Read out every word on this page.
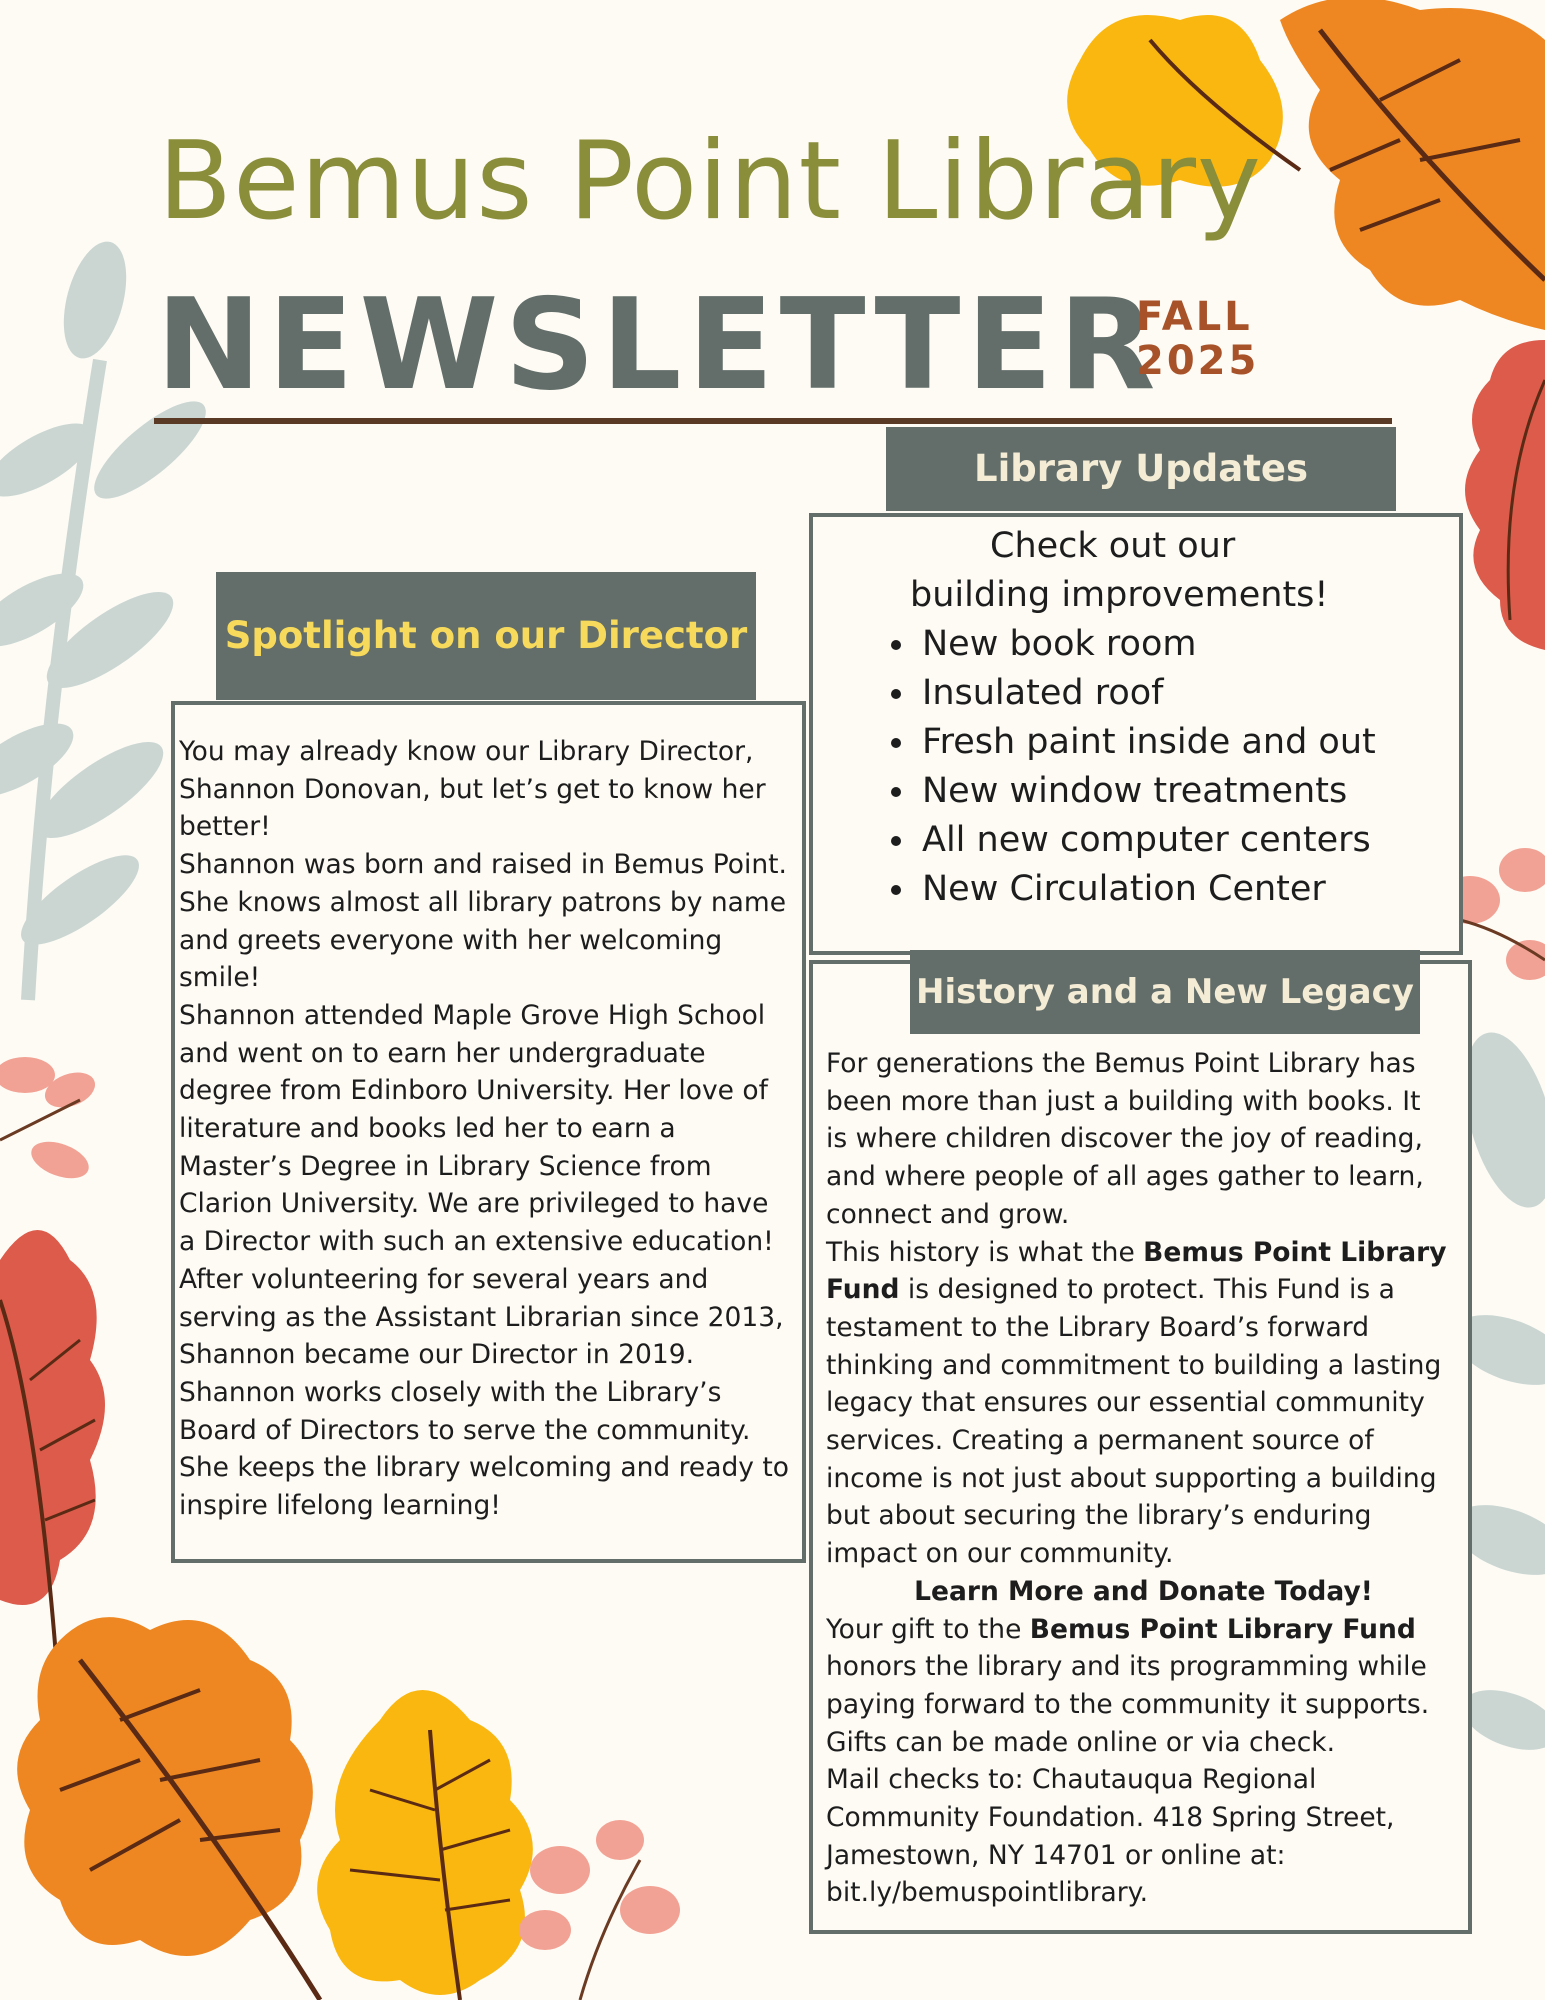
Bemus Point Library
NEWSLETTER
FALL
2025
Library Updates
Check out our
building improvements!
• New book room
• Insulated roof
• Fresh paint inside and out
• New window treatments
• All new computer centers
• New Circulation Center
Spotlight on our Director

You may already know our Library Director,

Shannon Donovan, but let’s get to know her

better!

Shannon was born and raised in Bemus Point.

She knows almost all library patrons by name

and greets everyone with her welcoming

smile!

Shannon attended Maple Grove High School

and went on to earn her undergraduate

degree from Edinboro University. Her love of

literature and books led her to earn a

Master’s Degree in Library Science from

Clarion University. We are privileged to have

a Director with such an extensive education!

After volunteering for several years and

serving as the Assistant Librarian since 2013,

Shannon became our Director in 2019.

Shannon works closely with the Library’s

Board of Directors to serve the community.

She keeps the library welcoming and ready to

inspire lifelong learning!

History and a New Legacy

For generations the Bemus Point Library has

been more than just a building with books. It

is where children discover the joy of reading,

and where people of all ages gather to learn,

connect and grow.

This history is what the Bemus Point Library

Fund is designed to protect. This Fund is a

testament to the Library Board’s forward

thinking and commitment to building a lasting

legacy that ensures our essential community

services. Creating a permanent source of

income is not just about supporting a building

but about securing the library’s enduring

impact on our community.

Learn More and Donate Today!

Your gift to the Bemus Point Library Fund

honors the library and its programming while

paying forward to the community it supports.

Gifts can be made online or via check.

Mail checks to: Chautauqua Regional

Community Foundation. 418 Spring Street,

Jamestown, NY 14701 or online at:

bit.ly/bemuspointlibrary.
